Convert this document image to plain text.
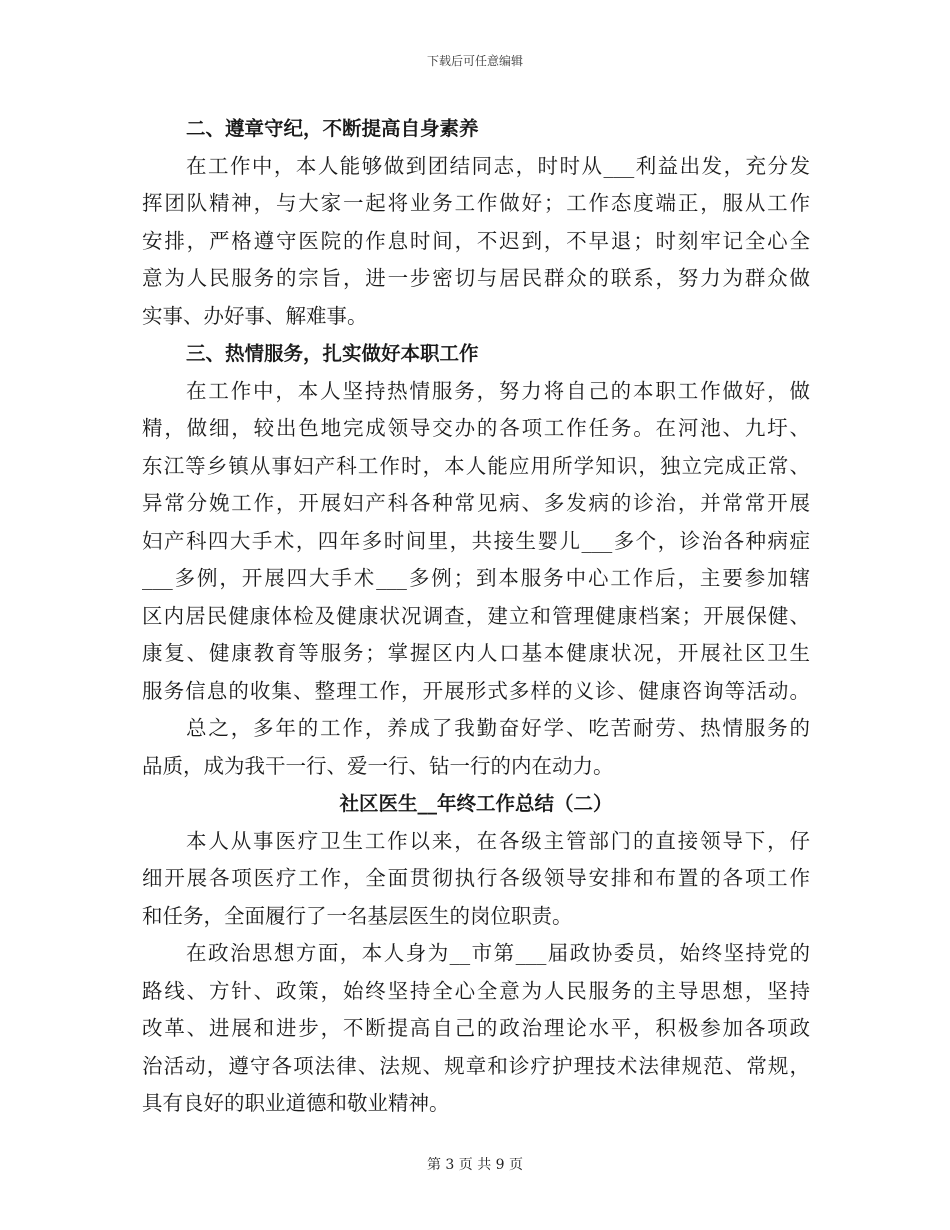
下载后可任意编辑
二、遵章守纪，不断提高自身素养
在工作中，本人能够做到团结同志，时时从___利益出发，充分发
挥团队精神，与大家一起将业务工作做好；工作态度端正，服从工作
安排，严格遵守医院的作息时间，不迟到，不早退；时刻牢记全心全
意为人民服务的宗旨，进一步密切与居民群众的联系，努力为群众做
实事、办好事、解难事。
三、热情服务，扎实做好本职工作
在工作中，本人坚持热情服务，努力将自己的本职工作做好，做
精，做细，较出色地完成领导交办的各项工作任务。在河池、九圩、
东江等乡镇从事妇产科工作时，本人能应用所学知识，独立完成正常、
异常分娩工作，开展妇产科各种常见病、多发病的诊治，并常常开展
妇产科四大手术，四年多时间里，共接生婴儿___多个，诊治各种病症
___多例，开展四大手术___多例；到本服务中心工作后，主要参加辖
区内居民健康体检及健康状况调查，建立和管理健康档案；开展保健、
康复、健康教育等服务；掌握区内人口基本健康状况，开展社区卫生
服务信息的收集、整理工作，开展形式多样的义诊、健康咨询等活动。
总之，多年的工作，养成了我勤奋好学、吃苦耐劳、热情服务的
品质，成为我干一行、爱一行、钻一行的内在动力。
社区医生__年终工作总结（二）
本人从事医疗卫生工作以来，在各级主管部门的直接领导下，仔
细开展各项医疗工作，全面贯彻执行各级领导安排和布置的各项工作
和任务，全面履行了一名基层医生的岗位职责。
在政治思想方面，本人身为__市第___届政协委员，始终坚持党的
路线、方针、政策，始终坚持全心全意为人民服务的主导思想，坚持
改革、进展和进步，不断提高自己的政治理论水平，积极参加各项政
治活动，遵守各项法律、法规、规章和诊疗护理技术法律规范、常规，
具有良好的职业道德和敬业精神。
第 3 页 共 9 页
